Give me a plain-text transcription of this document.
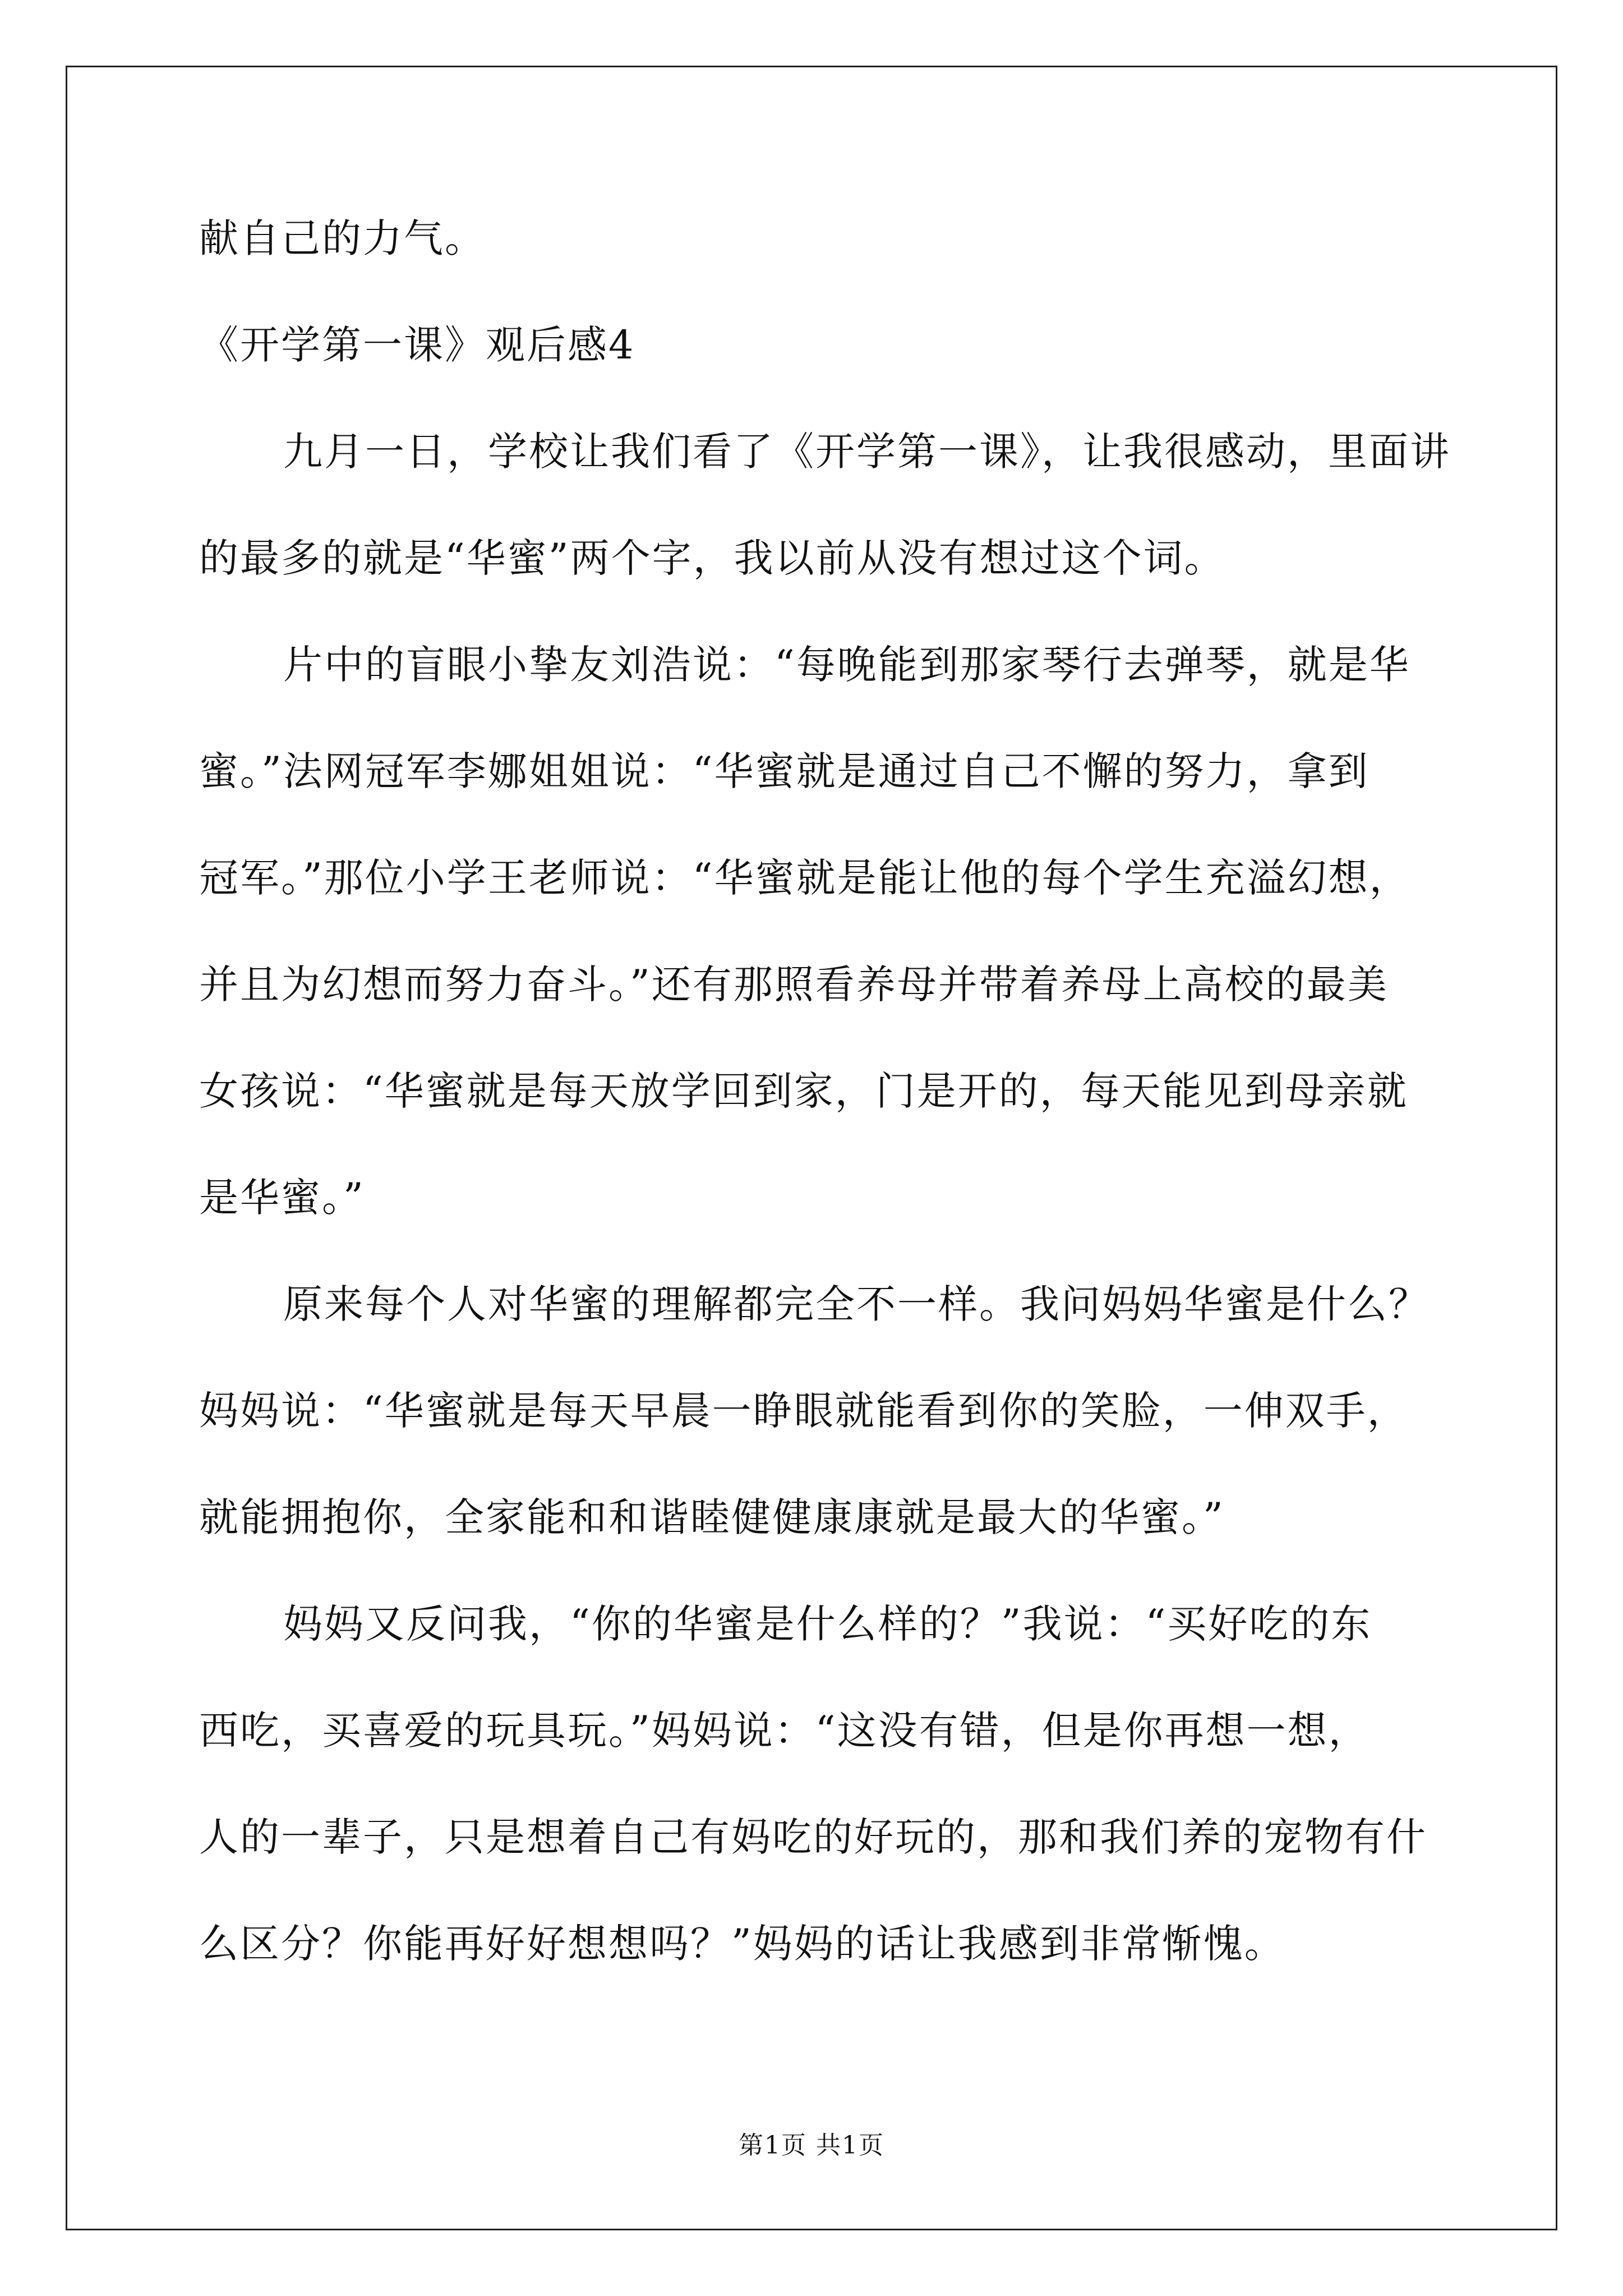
献自己的力气。
《开学第一课》观后感4
九月一日，学校让我们看了《开学第一课》，让我很感动，里面讲
的最多的就是“华蜜”两个字，我以前从没有想过这个词。
片中的盲眼小挚友刘浩说：“每晚能到那家琴行去弹琴，就是华
蜜。”法网冠军李娜姐姐说：“华蜜就是通过自己不懈的努力，拿到
冠军。”那位小学王老师说：“华蜜就是能让他的每个学生充溢幻想，
并且为幻想而努力奋斗。”还有那照看养母并带着养母上高校的最美
女孩说：“华蜜就是每天放学回到家，门是开的，每天能见到母亲就
是华蜜。”
原来每个人对华蜜的理解都完全不一样。我问妈妈华蜜是什么？
妈妈说：“华蜜就是每天早晨一睁眼就能看到你的笑脸，一伸双手，
就能拥抱你，全家能和和谐睦健健康康就是最大的华蜜。”
妈妈又反问我，“你的华蜜是什么样的？”我说：“买好吃的东
西吃，买喜爱的玩具玩。”妈妈说：“这没有错，但是你再想一想，
人的一辈子，只是想着自己有妈吃的好玩的，那和我们养的宠物有什
么区分？你能再好好想想吗？”妈妈的话让我感到非常惭愧。
第1页 共1页
